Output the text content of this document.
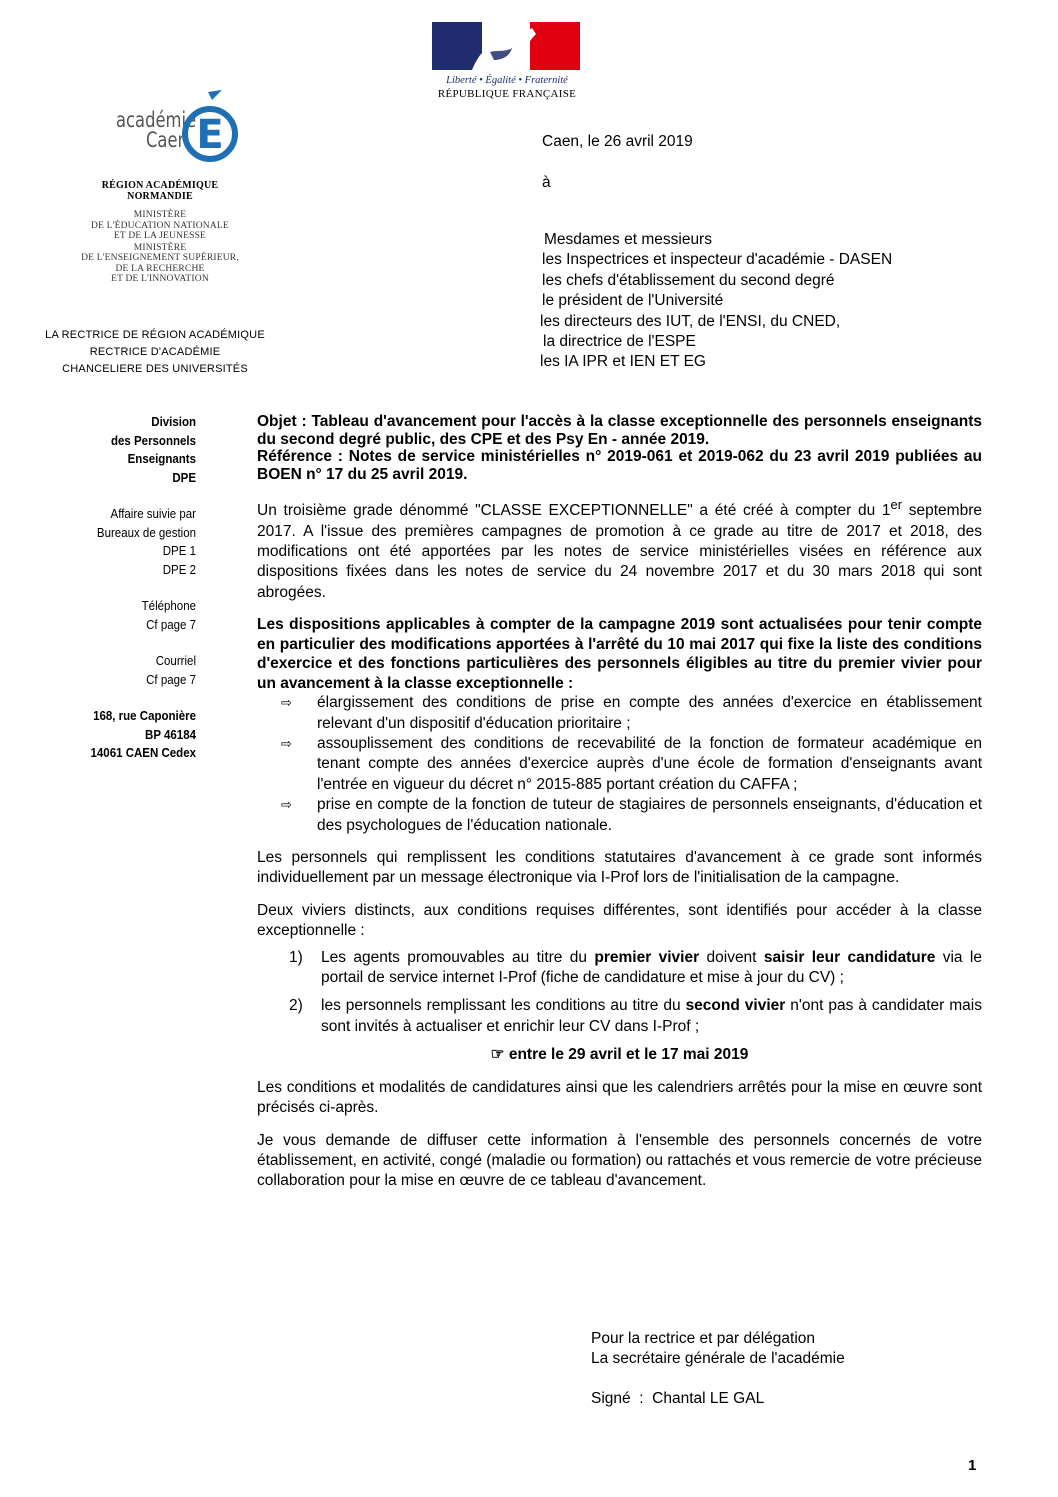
Liberté • Égalité • Fraternité
RÉPUBLIQUE FRANÇAISE
académie
Caen E
RÉGION ACADÉMIQUE
NORMANDIE
MINISTÈRE
DE L'ÉDUCATION NATIONALE
ET DE LA JEUNESSE
MINISTÈRE
DE L'ENSEIGNEMENT SUPÉRIEUR,
DE LA RECHERCHE
ET DE L'INNOVATION
LA RECTRICE DE RÉGION ACADÉMIQUE
RECTRICE D'ACADÉMIE
CHANCELIERE DES UNIVERSITÉS
Caen, le 26 avril 2019
à
Mesdames et messieurs
les Inspectrices et inspecteur d'académie - DASEN
les chefs d'établissement du second degré
le président de l'Université
les directeurs des IUT, de l'ENSI, du CNED,
la directrice de l'ESPE
les IA IPR et IEN ET EG
Division
des Personnels
Enseignants
DPE
Affaire suivie par
Bureaux de gestion
DPE 1
DPE 2
Téléphone
Cf page 7
Courriel
Cf page 7
168, rue Caponière
BP 46184
14061 CAEN Cedex

Objet : Tableau d'avancement pour l'accès à la classe exceptionnelle des personnels enseignants du second degré public, des CPE et des Psy En - année 2019.

Référence : Notes de service ministérielles n° 2019-061 et 2019-062 du 23 avril 2019 publiées au BOEN n° 17 du 25 avril 2019.

Un troisième grade dénommé "CLASSE EXCEPTIONNELLE" a été créé à compter du 1er septembre 2017. A l'issue des premières campagnes de promotion à ce grade au titre de 2017 et 2018, des modifications ont été apportées par les notes de service ministérielles visées en référence aux dispositions fixées dans les notes de service du 24 novembre 2017 et du 30 mars 2018 qui sont abrogées.

Les dispositions applicables à compter de la campagne 2019 sont actualisées pour tenir compte en particulier des modifications apportées à l'arrêté du 10 mai 2017 qui fixe la liste des conditions d'exercice et des fonctions particulières des personnels éligibles au titre du premier vivier pour un avancement à la classe exceptionnelle :

⇨ élargissement des conditions de prise en compte des années d'exercice en établissement relevant d'un dispositif d'éducation prioritaire ;
⇨ assouplissement des conditions de recevabilité de la fonction de formateur académique en tenant compte des années d'exercice auprès d'une école de formation d'enseignants avant l'entrée en vigueur du décret n° 2015-885 portant création du CAFFA ;
⇨ prise en compte de la fonction de tuteur de stagiaires de personnels enseignants, d'éducation et des psychologues de l'éducation nationale.

Les personnels qui remplissent les conditions statutaires d'avancement à ce grade sont informés individuellement par un message électronique via I-Prof lors de l'initialisation de la campagne.

Deux viviers distincts, aux conditions requises différentes, sont identifiés pour accéder à la classe exceptionnelle :

1) Les agents promouvables au titre du premier vivier doivent saisir leur candidature via le portail de service internet I-Prof (fiche de candidature et mise à jour du CV) ;
2) les personnels remplissant les conditions au titre du second vivier n'ont pas à candidater mais sont invités à actualiser et enrichir leur CV dans I-Prof ;

☞ entre le 29 avril et le 17 mai 2019

Les conditions et modalités de candidatures ainsi que les calendriers arrêtés pour la mise en œuvre sont précisés ci-après.

Je vous demande de diffuser cette information à l'ensemble des personnels concernés de votre établissement, en activité, congé (maladie ou formation) ou rattachés et vous remercie de votre précieuse collaboration pour la mise en œuvre de ce tableau d'avancement.

Pour la rectrice et par délégation
La secrétaire générale de l'académie
Signé  :  Chantal LE GAL
1
